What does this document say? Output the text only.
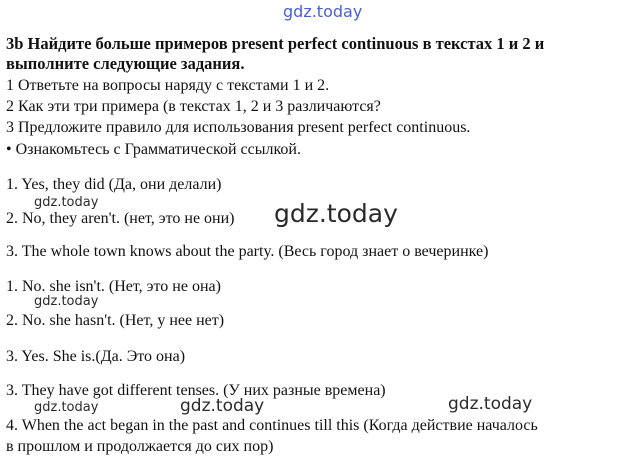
gdz.today
3b Найдите больше примеров present perfect continuous в текстах 1 и 2 и
выполните следующие задания.
1 Ответьте на вопросы наряду с текстами 1 и 2.
2 Как эти три примера (в текстах 1, 2 и 3 различаются?
3 Предложите правило для использования present perfect continuous.
• Ознакомьтесь с Грамматической ссылкой.
1. Yes, they did (Да, они делали)
gdz.today
2. No, they aren't. (нет, это не они) gdz.today
3. The whole town knows about the party. (Весь город знает о вечеринке)
1. No. she isn't. (Нет, это не она)
gdz.today
2. No. she hasn't. (Нет, у нее нет)
3. Yes. She is.(Да. Это она)
3. They have got different tenses. (У них разные времена)
gdz.today	gdz.today	gdz.today
4. When the act began in the past and continues till this (Когда действие началось
в прошлом и продолжается до сих пор)
